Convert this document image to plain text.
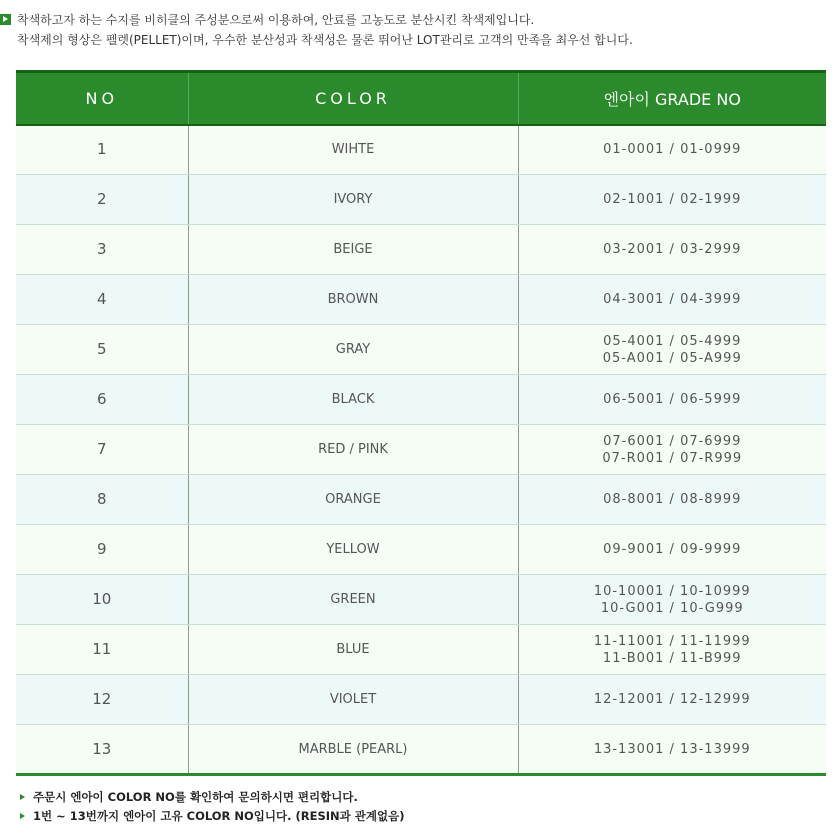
착색하고자 하는 수지를 비히클의 주성분으로써 이용하여, 안료를 고농도로 분산시킨 착색제입니다.
착색제의 형상은 펠렛(PELLET)이며, 우수한 분산성과 착색성은 물론 뛰어난 LOT관리로 고객의 만족을 최우선 합니다.
NO	COLOR	엔아이 GRADE NO
1	WIHTE	01-0001 / 01-0999

2	IVORY	02-1001 / 02-1999

3	BEIGE	03-2001 / 03-2999

4	BROWN	04-3001 / 04-3999

5	GRAY	05-4001 / 05-4999
05-A001 / 05-A999

6	BLACK	06-5001 / 06-5999

7	RED / PINK	07-6001 / 07-6999
07-R001 / 07-R999

8	ORANGE	08-8001 / 08-8999

9	YELLOW	09-9001 / 09-9999

10	GREEN	10-10001 / 10-10999
10-G001 / 10-G999

11	BLUE	11-11001 / 11-11999
11-B001 / 11-B999

12	VIOLET	12-12001 / 12-12999

13	MARBLE (PEARL)	13-13001 / 13-13999
주문시 엔아이 COLOR NO를 확인하여 문의하시면 편리합니다.
1번 ~ 13번까지 엔아이 고유 COLOR NO입니다. (RESIN과 관계없음)
